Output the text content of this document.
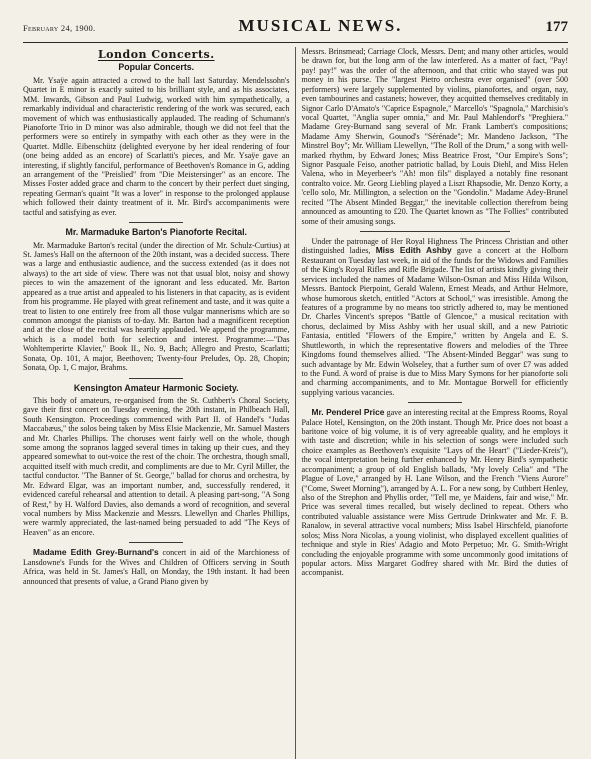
February 24, 1900.	MUSICAL NEWS.	177
London Concerts.
Popular Concerts.

Mr. Ysaÿe again attracted a crowd to the hall last Saturday. Mendelssohn's Quartet in E minor is exactly suited to his brilliant style, and as his associates, MM. Inwards, Gibson and Paul Ludwig, worked with him sympathetically, a remarkably individual and characteristic rendering of the work was secured, each movement of which was enthusiastically applauded. The reading of Schumann's Pianoforte Trio in D minor was also admirable, though we did not feel that the performers were so entirely in sympathy with each other as they were in the Quartet. Mdlle. Eibenschütz (delighted everyone by her ideal rendering of four (one being added as an encore) of Scarlatti's pieces, and Mr. Ysaÿe gave an interesting, if slightly fanciful, performance of Beethoven's Romance in G, adding an arrangement of the "Preislied" from "Die Meistersinger" as an encore. The Misses Foster added grace and charm to the concert by their perfect duet singing, repeating German's quaint "It was a lover" in response to the prolonged applause which followed their dainty treatment of it. Mr. Bird's accompaniments were tactful and satisfying as ever.

Mr. Marmaduke Barton's Pianoforte Recital.

Mr. Marmaduke Barton's recital (under the direction of Mr. Schulz-Curtius) at St. James's Hall on the afternoon of the 20th instant, was a decided success. There was a large and enthusiastic audience, and the success extended (as it does not always) to the art side of view. There was not that usual blot, noisy and showy pieces to win the amazement of the ignorant and less educated. Mr. Barton appeared as a true artist and appealed to his listeners in that capacity, as is evident from his programme. He played with great refinement and taste, and it was quite a treat to listen to one entirely free from all those vulgar mannerisms which are so common amongst the pianists of to-day. Mr. Barton had a magnificent reception and at the close of the recital was heartily applauded. We append the programme, which is a model both for selection and interest. Programme:—"Das Wohltemperirte Klavier," Book II., No. 9, Bach; Allegro and Presto, Scarlatti; Sonata, Op. 101, A major, Beethoven; Twenty-four Preludes, Op. 28, Chopin; Sonata, Op. 1, C major, Brahms.

Kensington Amateur Harmonic Society.

This body of amateurs, re-organised from the St. Cuthbert's Choral Society, gave their first concert on Tuesday evening, the 20th instant, in Philbeach Hall, South Kensington. Proceedings commenced with Part II. of Handel's "Judas Maccabæus," the solos being taken by Miss Elsie Mackenzie, Mr. Samuel Masters and Mr. Charles Phillips. The choruses went fairly well on the whole, though some among the sopranos lagged several times in taking up their cues, and they appeared somewhat to out-voice the rest of the choir. The orchestra, though small, acquitted itself with much credit, and compliments are due to Mr. Cyril Miller, the tactful conductor. "The Banner of St. George," ballad for chorus and orchestra, by Mr. Edward Elgar, was an important number, and, successfully rendered, it evidenced careful rehearsal and attention to detail. A pleasing part-song, "A Song of Rest," by H. Walford Davies, also demands a word of recognition, and several vocal numbers by Miss Mackenzie and Messrs. Llewellyn and Charles Phillips, were warmly appreciated, the last-named being persuaded to add "The Keys of Heaven" as an encore.

Madame Edith Grey-Burnand's concert in aid of the Marchioness of Lansdowne's Funds for the Wives and Children of Officers serving in South Africa, was held in St. James's Hall, on Monday, the 19th instant. It had been announced that presents of value, a Grand Piano given by

Messrs. Brinsmead; Carriage Clock, Messrs. Dent; and many other articles, would be drawn for, but the long arm of the law interfered. As a matter of fact, "Pay! pay! pay!" was the order of the afternoon, and that critic who stayed was put money in his purse. The "largest Pietro orchestra ever organised" (over 500 performers) were largely supplemented by violins, pianofortes, and organ, nay, even tambourines and castanets; however, they acquitted themselves creditably in Signor Carlo D'Amato's "Caprice Espagnole," Marcello's "Spagnola," Marchisio's vocal Quartet, "Anglia super omnia," and Mr. Paul Mahlendorf's "Preghiera." Madame Grey-Burnand sang several of Mr. Frank Lambert's compositions; Madame Amy Sherwin, Gounod's "Sérénade"; Mr. Mandeno Jackson, "The Minstrel Boy"; Mr. William Llewellyn, "The Roll of the Drum," a song with well-marked rhythm, by Edward Jones; Miss Beatrice Frost, "Our Empire's Sons"; Signor Pasquale Feiso, another patriotic ballad, by Louis Diehl, and Miss Helen Valena, who in Meyerbeer's "Ah! mon fils" displayed a notably fine resonant contralto voice. Mr. Georg Liebling played a Liszt Rhapsodie, Mr. Denzo Korty, a 'cello solo, Mr. Millington, a selection on the "Gondolin." Madame Adey-Brunel recited "The Absent Minded Beggar," the inevitable collection therefrom being announced as amounting to £20. The Quartet known as "The Follies" contributed some of their amusing songs.

Under the patronage of Her Royal Highness The Princess Christian and other distinguished ladies, Miss Edith Ashby gave a concert at the Holborn Restaurant on Tuesday last week, in aid of the funds for the Widows and Families of the King's Royal Rifles and Rifle Brigade. The list of artists kindly giving their services included the names of Madame Wilson-Osman and Miss Hilda Wilson, Messrs. Bantock Pierpoint, Gerald Walenn, Ernest Meads, and Arthur Helmore, whose humorous sketch, entitled "Actors at School," was irresistible. Among the features of a programme by no means too strictly adhered to, may be mentioned Dr. Charles Vincent's sprepos "Battle of Glencoe," a musical recitation with chorus, declaimed by Miss Ashby with her usual skill, and a new Patriotic Fantasia, entitled "Flowers of the Empire," written by Angela and E. S. Shuttleworth, in which the representative flowers and melodies of the Three Kingdoms found themselves allied. "The Absent-Minded Beggar" was sung to such advantage by Mr. Edwin Wolseley, that a further sum of over £7 was added to the Fund. A word of praise is due to Miss Mary Symons for her pianoforte soli and charming accompaniments, and to Mr. Montague Borwell for efficiently supplying various vacancies.

Mr. Penderel Price gave an interesting recital at the Empress Rooms, Royal Palace Hotel, Kensington, on the 20th instant. Though Mr. Price does not boast a baritone voice of big volume, it is of very agreeable quality, and he employs it with taste and discretion; while in his selection of songs were included such choice examples as Beethoven's exquisite "Lays of the Heart" ("Lieder-Kreis"), the vocal interpretation being further enhanced by Mr. Henry Bird's sympathetic accompaniment; a group of old English ballads, "My lovely Celia" and "The Plague of Love," arranged by H. Lane Wilson, and the French "Viens Aurore" ("Come, Sweet Morning"), arranged by A. L. For a new song, by Cuthbert Henley, also of the Strephon and Phyllis order, "Tell me, ye Maidens, fair and wise," Mr. Price was several times recalled, but wisely declined to repeat. Others who contributed valuable assistance were Miss Gertrude Drinkwater and Mr. F. B. Ranalow, in several attractive vocal numbers; Miss Isabel Hirschfeld, pianoforte solos; Miss Nora Nicolas, a young violinist, who displayed excellent qualities of technique and style in Ries' Adagio and Moto Perpetuo; Mr. G. Smith-Wright concluding the enjoyable programme with some uncommonly good imitations of popular actors. Miss Margaret Godfrey shared with Mr. Bird the duties of accompanist.
